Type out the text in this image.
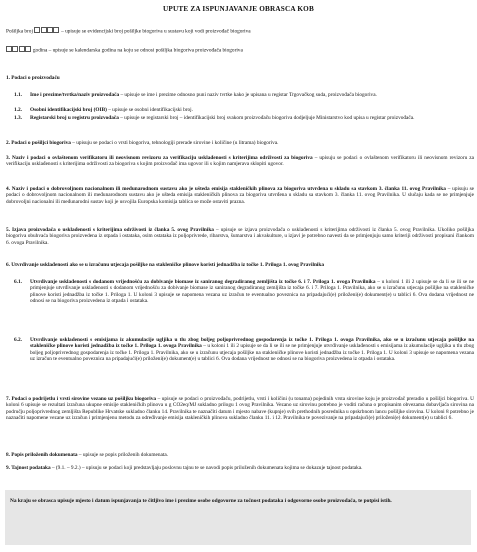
UPUTE ZA ISPUNJAVANJE OBRASCA KOB
Pošiljka broj	– upisuje se evidencijski broj pošiljke biogoriva u sustavu koji vodi proizvođač biogoriva
godina – upisuje se kalendarska godina na koju se odnosi pošiljka biogoriva proizvođača biogoriva
1. Podaci o proizvođaču
1.1. Ime i prezime/tvrtka/naziv proizvođača – upisuje se ime i prezime odnosno puni naziv tvrtke kako je upisana u registar Trgovačkog suda, proizvođača biogoriva.
1.2. Osobni identifikacijski broj (OIB) – upisuje se osobni identifikacijski broj.
1.3. Registarski broj u registru proizvođača – upisuje se registarski broj – identifikacijski broj svakom proizvođaču biogoriva dodjeljuje Ministarstvo kod upisa u registar proizvođača.
2. Podaci o pošiljci biogoriva – upisuju se podaci o vrsti biogoriva, tehnologiji prerade sirovine i količine (u litrama) biogoriva.
3. Naziv i podaci o ovlaštenom verifikatoru ili neovisnom revizoru za verifikaciju usklađenosti s kriterijima održivosti za biogoriva – upisuju se podaci o ovlaštenom verifikatoru ili neovisnom revizoru za verifikaciju usklađenosti s kriterijima održivosti za biogoriva s kojim proizvođač ima ugovor ili s kojim namjerava sklopiti ugovor.
4. Naziv i podaci o dobrovoljnom nacionalnom ili međunarodnom sustavu ako je ušteda emisija stakleničkih plinova za biogoriva utvrđena u skladu sa stavkom 3. članka 11. ovog Pravilnika – upisuju se podaci o dobrovoljnom nacionalnom ili međunarodnom sustavu ako je ušteda emisija stakleničkih plinova za biogoriva utvrđena u skladu sa stavkom 3. članka 11. ovog Pravilnika. U slučaju kada se ne primjenjuje dobrovoljni nacionalni ili međunarodni sustav koji je usvojila Europska komisija tablica se može ostaviti prazna.
5. Izjava proizvođača o usklađenosti s kriterijima održivosti iz članka 5. ovog Pravilnika – upisuje se izjava proizvođača o usklađenosti s kriterijima održivosti iz članka 5. ovog Pravilnika. Ukoliko pošiljka biogoriva obuhvaća biogoriva proizvedena iz otpada i ostataka, osim ostataka iz poljoprivrede, ribarstva, šumarstva i akvakulture, u izjavi je potrebno navesti da se primjenjuju samo kriteriji održivosti propisani člankom 6. ovoga Pravilnika.
6. Utvrđivanje usklađenosti ako se u izračunu utjecaja pošiljke na stakleničke plinove koristi jednadžba iz točke 1. Priloga 1. ovog Pravilnika
6.1. Utvrđivanje usklađenosti s dodanom vrijednošću za dobivanje biomase iz saniranog degradiranog zemljišta iz točke 6. i 7. Priloga 1. ovoga Pravilnika – u koloni 1 ili 2 upisuje se da li se ili se ne primjenjuje utvrđivanje usklađenosti s dodanom vrijednošću za dobivanje biomase iz saniranog degradiranog zemljišta iz točke 6. i 7. Priloga 1. Pravilnika, ako se u izračunu utjecaja pošiljke na stakleničke plinove koristi jednadžba iz točke 1. Priloga 1. U koloni 3 upisuje se napomena vezana uz izračun te eventualno poveznica na pripadajući(e) priloženi(e) dokument(e) u tablici 6. Ova dodana vrijednost ne odnosi se na biogoriva proizvedena iz otpada i ostataka.
6.2. Utvrđivanje usklađenosti s emisijama iz akumulacije ugljika u tlu zbog boljeg poljoprivrednog gospodarenja iz točke 1. Priloga 1. ovoga Pravilnika, ako se u izračunu utjecaja pošiljke na stakleničke plinove koristi jednadžba iz točke 1. Priloga 1. ovoga Pravilnika – u koloni 1 ili 2 upisuje se da li se ili se ne primjenjuje utvrđivanje usklađenosti s emisijama iz akumulacije ugljika u tlu zbog boljeg poljoprivrednog gospodarenja iz točke 1. Priloga 1. Pravilnika, ako se u izračunu utjecaja pošiljke na stakleničke plinove koristi jednadžba iz točke 1. Priloga 1. U koloni 3 upisuje se napomena vezana uz izračun te eventualno poveznica na pripadajući(e) priloženi(e) dokument(e) u tablici 6. Ova dodana vrijednost ne odnosi se na biogoriva proizvedena iz otpada i ostataka.
7. Podaci o podrijetlu i vrsti sirovine vezano uz pošiljku biogoriva – upisuje se podaci o proizvođaču, podrijetlu, vrsti i količini (u tonama) pojedinih vrsta sirovine koju je proizvođač preradio u pošiljci biogoriva. U koloni 6 upisuje se rezultati izračuna ukupne emisije stakleničkih plinova u g CO2eq/MJ sukladno prilogu 1 ovog Pravilnika. Vezano uz sirovinu potrebno je voditi računa o propisanim obvezama dobavljača sirovina na području poljoprivrednog zemljišta Republike Hrvatske sukladno članku 14. Pravilnika te naznačiti datum i mjesto nabave (kupnje) svih prethodnih posrednika u opskrbnom lancu pošiljke sirovina. U koloni 8 potrebno je naznačiti napomene vezane uz izračun i primjenjenu metodu za određivanje emisija stakleničkih plinova sukladno članku 11. i 12. Pravilnika te povezivanje na pripadajući(e) priloženi(e) dokument(e) u tablici 6.
8. Popis priloženih dokumenata – upisuje se popis priloženih dokumenata.
9. Tajnost podataka – (9.1. – 9.2.) – upisuju se podaci koji predstavljaju poslovnu tajnu te se navodi popis priloženih dokumenata kojima se dokazuje tajnost podataka.
Na kraju se obrasca upisuje mjesto i datum ispunjavanja te čitljivo ime i prezime osobe odgovorne za točnost podataka i odgovorne osobe proizvođača, te potpisi istih.
